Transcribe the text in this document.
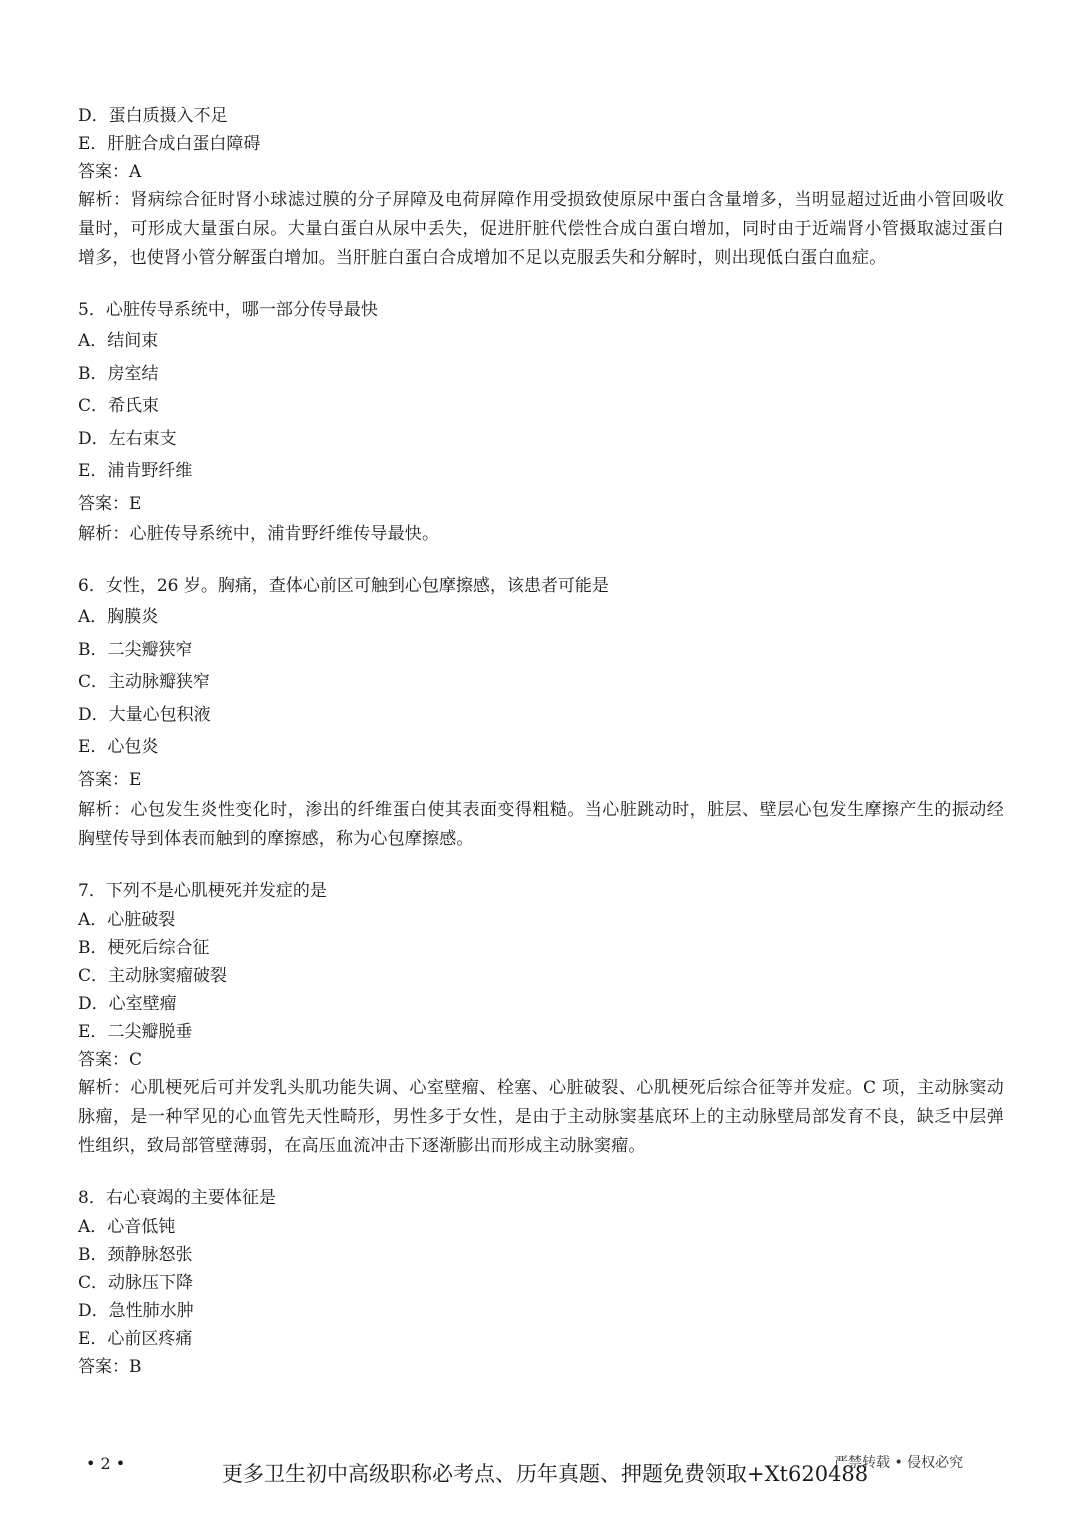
D．蛋白质摄入不足

E．肝脏合成白蛋白障碍

答案：A

解析：肾病综合征时肾小球滤过膜的分子屏障及电荷屏障作用受损致使原尿中蛋白含量增多，当明显超过近曲小管回吸收量时，可形成大量蛋白尿。大量白蛋白从尿中丢失，促进肝脏代偿性合成白蛋白增加，同时由于近端肾小管摄取滤过蛋白增多，也使肾小管分解蛋白增加。当肝脏白蛋白合成增加不足以克服丢失和分解时，则出现低白蛋白血症。

5．心脏传导系统中，哪一部分传导最快

A．结间束

B．房室结

C．希氏束

D．左右束支

E．浦肯野纤维

答案：E

解析：心脏传导系统中，浦肯野纤维传导最快。

6．女性，26 岁。胸痛，查体心前区可触到心包摩擦感，该患者可能是

A．胸膜炎

B．二尖瓣狭窄

C．主动脉瓣狭窄

D．大量心包积液

E．心包炎

答案：E

解析：心包发生炎性变化时，渗出的纤维蛋白使其表面变得粗糙。当心脏跳动时，脏层、壁层心包发生摩擦产生的振动经胸壁传导到体表而触到的摩擦感，称为心包摩擦感。

7．下列不是心肌梗死并发症的是

A．心脏破裂

B．梗死后综合征

C．主动脉窦瘤破裂

D．心室壁瘤

E．二尖瓣脱垂

答案：C

解析：心肌梗死后可并发乳头肌功能失调、心室壁瘤、栓塞、心脏破裂、心肌梗死后综合征等并发症。C 项，主动脉窦动脉瘤，是一种罕见的心血管先天性畸形，男性多于女性，是由于主动脉窦基底环上的主动脉壁局部发育不良，缺乏中层弹性组织，致局部管壁薄弱，在高压血流冲击下逐渐膨出而形成主动脉窦瘤。

8．右心衰竭的主要体征是

A．心音低钝

B．颈静脉怒张

C．动脉压下降

D．急性肺水肿

E．心前区疼痛

答案：B

• 2 •	更多卫生初中高级职称必考点、历年真题、押题免费领取+Xt620488
严禁转载 • 侵权必究
